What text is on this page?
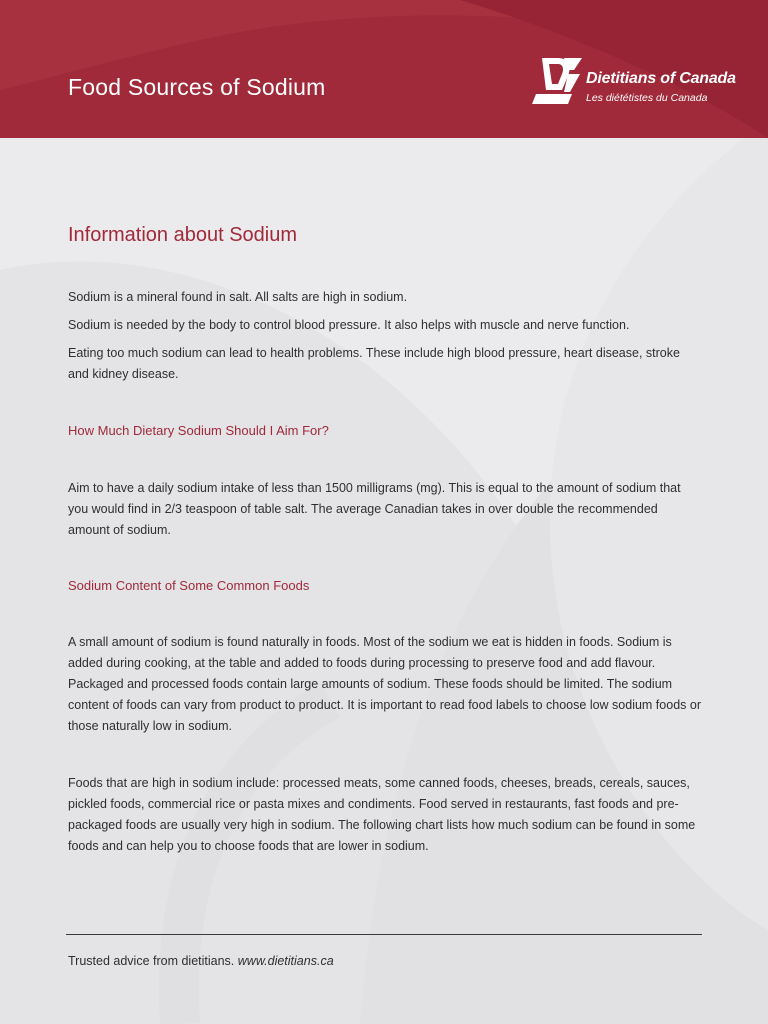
Food Sources of Sodium	Dietitians of Canada
Les diététistes du Canada
Information about Sodium

Sodium is a mineral found in salt. All salts are high in sodium.

Sodium is needed by the body to control blood pressure. It also helps with muscle and nerve function.

Eating too much sodium can lead to health problems. These include high blood pressure, heart disease, stroke and kidney disease.

How Much Dietary Sodium Should I Aim For?

Aim to have a daily sodium intake of less than 1500 milligrams (mg). This is equal to the amount of sodium that you would find in 2/3 teaspoon of table salt. The average Canadian takes in over double the recommended amount of sodium.

Sodium Content of Some Common Foods

A small amount of sodium is found naturally in foods. Most of the sodium we eat is hidden in foods. Sodium is added during cooking, at the table and added to foods during processing to preserve food and add flavour. Packaged and processed foods contain large amounts of sodium. These foods should be limited. The sodium content of foods can vary from product to product. It is important to read food labels to choose low sodium foods or those naturally low in sodium.

Foods that are high in sodium include: processed meats, some canned foods, cheeses, breads, cereals, sauces, pickled foods, commercial rice or pasta mixes and condiments. Food served in restaurants, fast foods and pre-packaged foods are usually very high in sodium. The following chart lists how much sodium can be found in some foods and can help you to choose foods that are lower in sodium.

Trusted advice from dietitians. www.dietitians.ca
